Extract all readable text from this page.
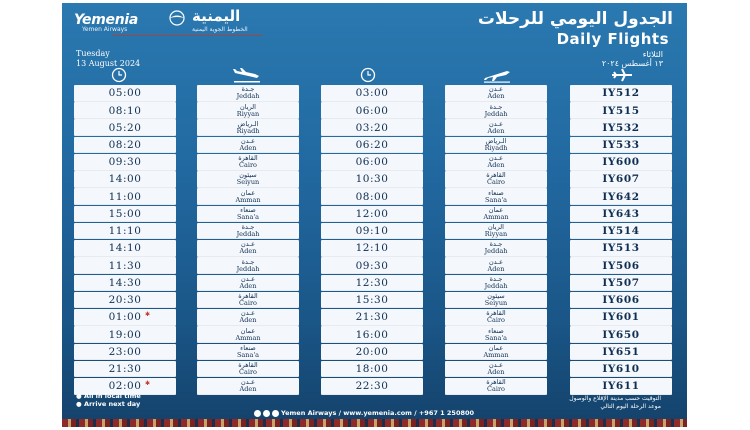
Yemenia	اليمنية
Yemen Airways	الخطوط الجوية اليمنية
الجدول اليومي للرحلات
Daily Flights
Tuesday
13 August 2024
الثلاثاء
١٣ أغسطس ٢٠٢٤
05:00
08:10
05:20
08:20
09:30
14:00
11:00
15:00
11:10
14:10
11:30
14:30
20:30
01:00 ✱
19:00
23:00
21:30
02:00 ✱
جـدة
Jeddah
الريان
Riyyan
الـرياض
Riyadh
عـدن
Aden
القاهرة
Cairo
سيئون
Seiyun
عمان
Amman
صنعاء
Sana'a
جـدة
Jeddah
عـدن
Aden
جـدة
Jeddah
عـدن
Aden
القاهرة
Cairo
عـدن
Aden
عمان
Amman
صنعاء
Sana'a
القاهرة
Cairo
عـدن
Aden
03:00
06:00
03:20
06:20
06:00
10:30
08:00
12:00
09:10
12:10
09:30
12:30
15:30
21:30
16:00
20:00
18:00
22:30
عـدن
Aden
جـدة
Jeddah
عـدن
Aden
الـرياض
Riyadh
عـدن
Aden
القاهرة
Cairo
صنعاء
Sana'a
عمان
Amman
الريان
Riyyan
جـدة
Jeddah
عـدن
Aden
جـدة
Jeddah
سيئون
Seiyun
القاهرة
Cairo
صنعاء
Sana'a
عمان
Amman
عـدن
Aden
القاهرة
Cairo
IY512
IY515
IY532
IY533
IY600
IY607
IY642
IY643
IY514
IY513
IY506
IY507
IY606
IY601
IY650
IY651
IY610
IY611
● All in local time
● Arrive next day
التوقيت حسب مدينة الإقلاع والوصول
موعد الرحلة اليوم التالي
Yemen Airways / www.yemenia.com / +967 1 250800
